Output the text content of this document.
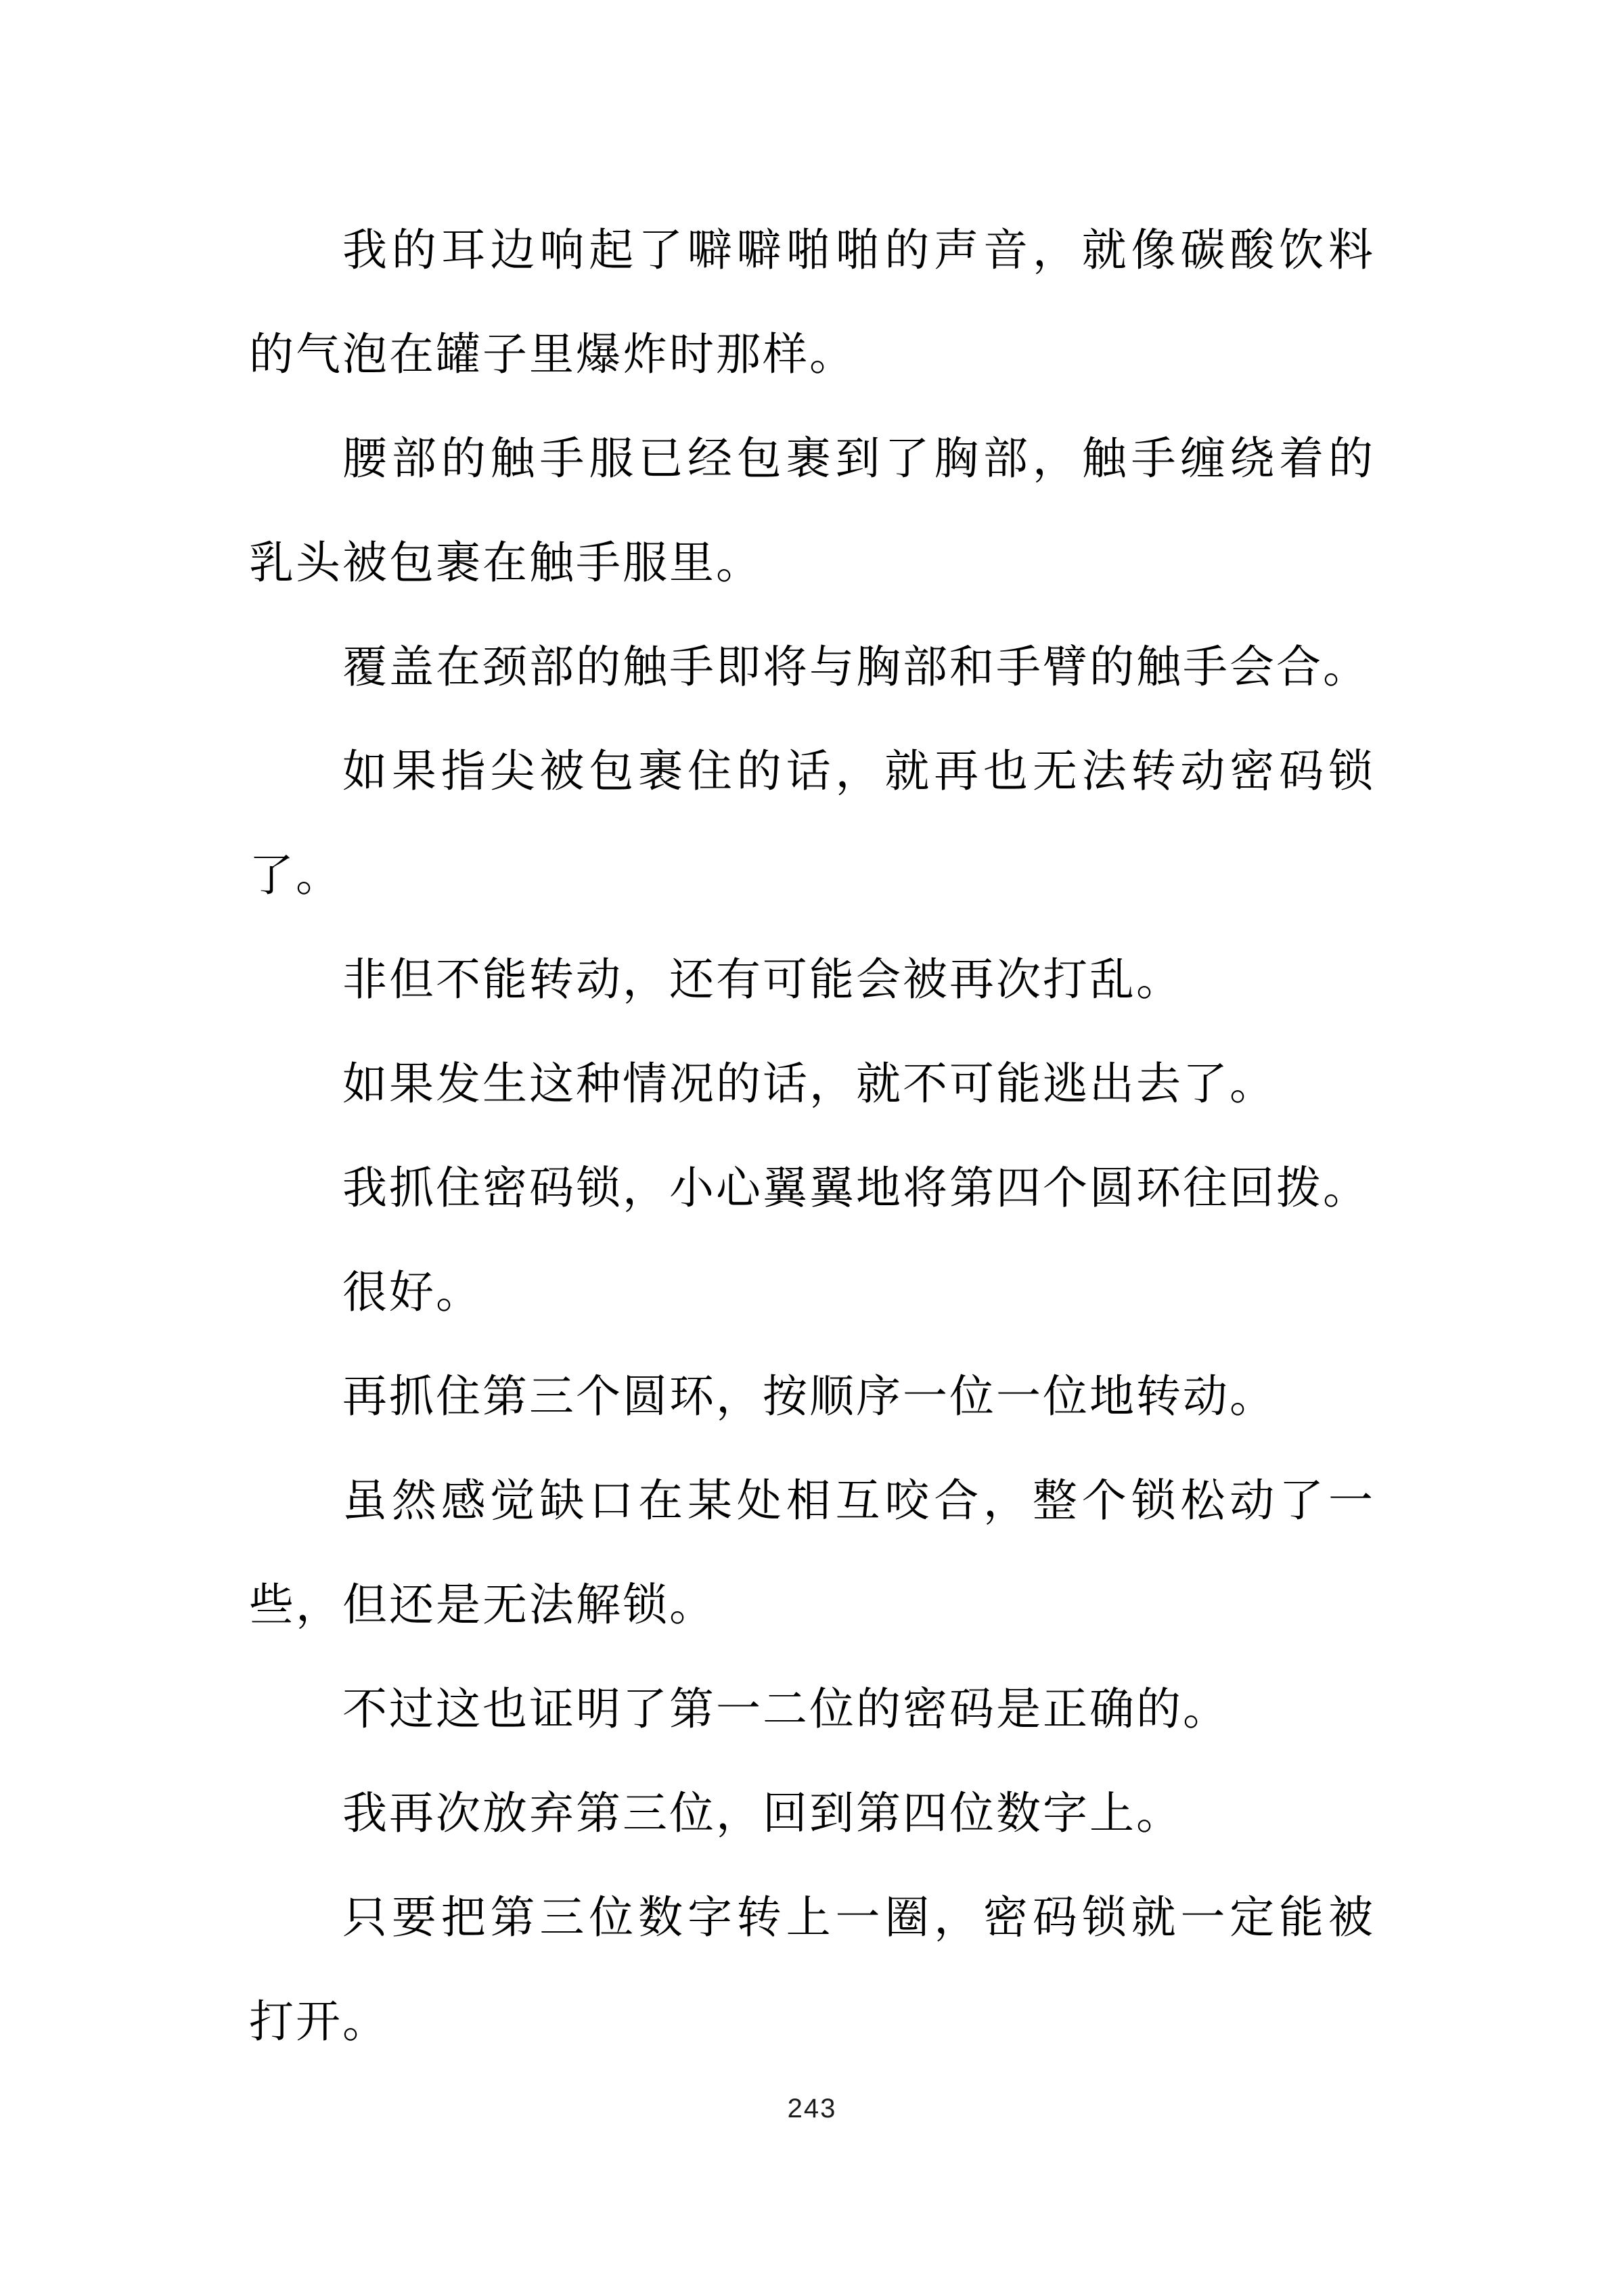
我的耳边响起了噼噼啪啪的声音，就像碳酸饮料
的气泡在罐子里爆炸时那样。
腰部的触手服已经包裹到了胸部，触手缠绕着的
乳头被包裹在触手服里。
覆盖在颈部的触手即将与胸部和手臂的触手会合。
如果指尖被包裹住的话，就再也无法转动密码锁
了。
非但不能转动，还有可能会被再次打乱。
如果发生这种情况的话，就不可能逃出去了。
我抓住密码锁，小心翼翼地将第四个圆环往回拨。
很好。
再抓住第三个圆环，按顺序一位一位地转动。
虽然感觉缺口在某处相互咬合，整个锁松动了一
些，但还是无法解锁。
不过这也证明了第一二位的密码是正确的。
我再次放弃第三位，回到第四位数字上。
只要把第三位数字转上一圈，密码锁就一定能被
打开。
243
